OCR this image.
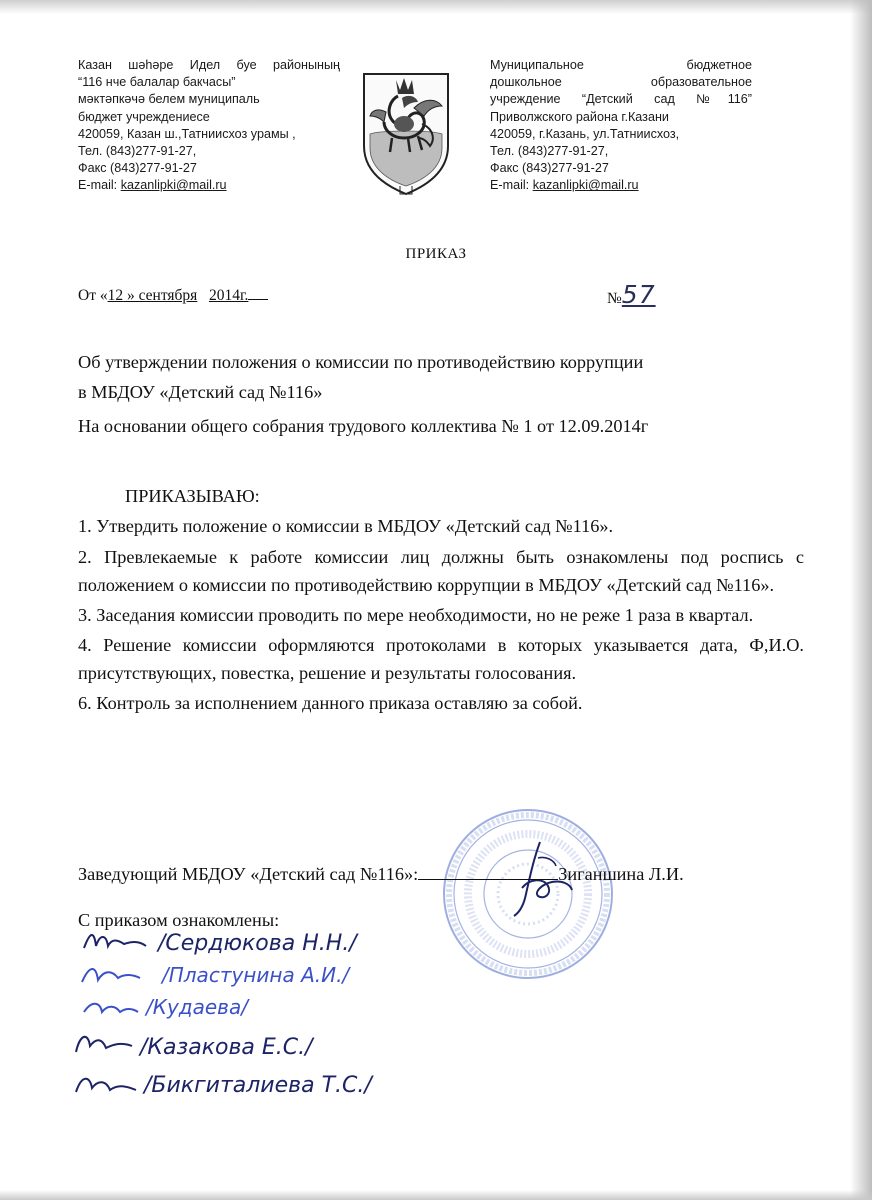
Казан шәһәре Идел буе районының
“116 нче балалар бакчасы”
мәктәпкәчә белем муниципаль
бюджет учреждениесе
420059, Казан ш.,Татниисхоз урамы ,
Тел. (843)277-91-27,
Факс (843)277-91-27
E-mail: kazanlipki@mail.ru
Муниципальное бюджетное
дошкольное образовательное
учреждение “Детский сад №116”
Приволжского района г.Казани
420059, г.Казань, ул.Татниисхоз,
Тел. (843)277-91-27,
Факс (843)277-91-27
E-mail: kazanlipki@mail.ru
ПРИКАЗ
От «12 » сентября 2014г.	№57
Об утверждении положения о комиссии по противодействию коррупции
в МБДОУ «Детский сад №116»
На основании общего собрания трудового коллектива № 1 от 12.09.2014г
ПРИКАЗЫВАЮ:

1. Утвердить положение о комиссии в МБДОУ «Детский сад №116».

2. Превлекаемые к работе комиссии лиц должны быть ознакомлены под роспись с положением о комиссии по противодействию коррупции в МБДОУ «Детский сад №116».

3. Заседания комиссии проводить по мере необходимости, но не реже 1 раза в квартал.

4. Решение комиссии оформляются протоколами в которых указывается дата, Ф,И.О. присутствующих, повестка, решение и результаты голосования.

6. Контроль за исполнением данного приказа оставляю за собой.

Заведующий МБДОУ «Детский сад №116»:	Зиганшина Л.И.
С приказом ознакомлены:
/Сердюкова Н.Н./
/Пластунина А.И./
/Кудаева/
/Казакова Е.С./
/Бикгиталиева Т.С./
